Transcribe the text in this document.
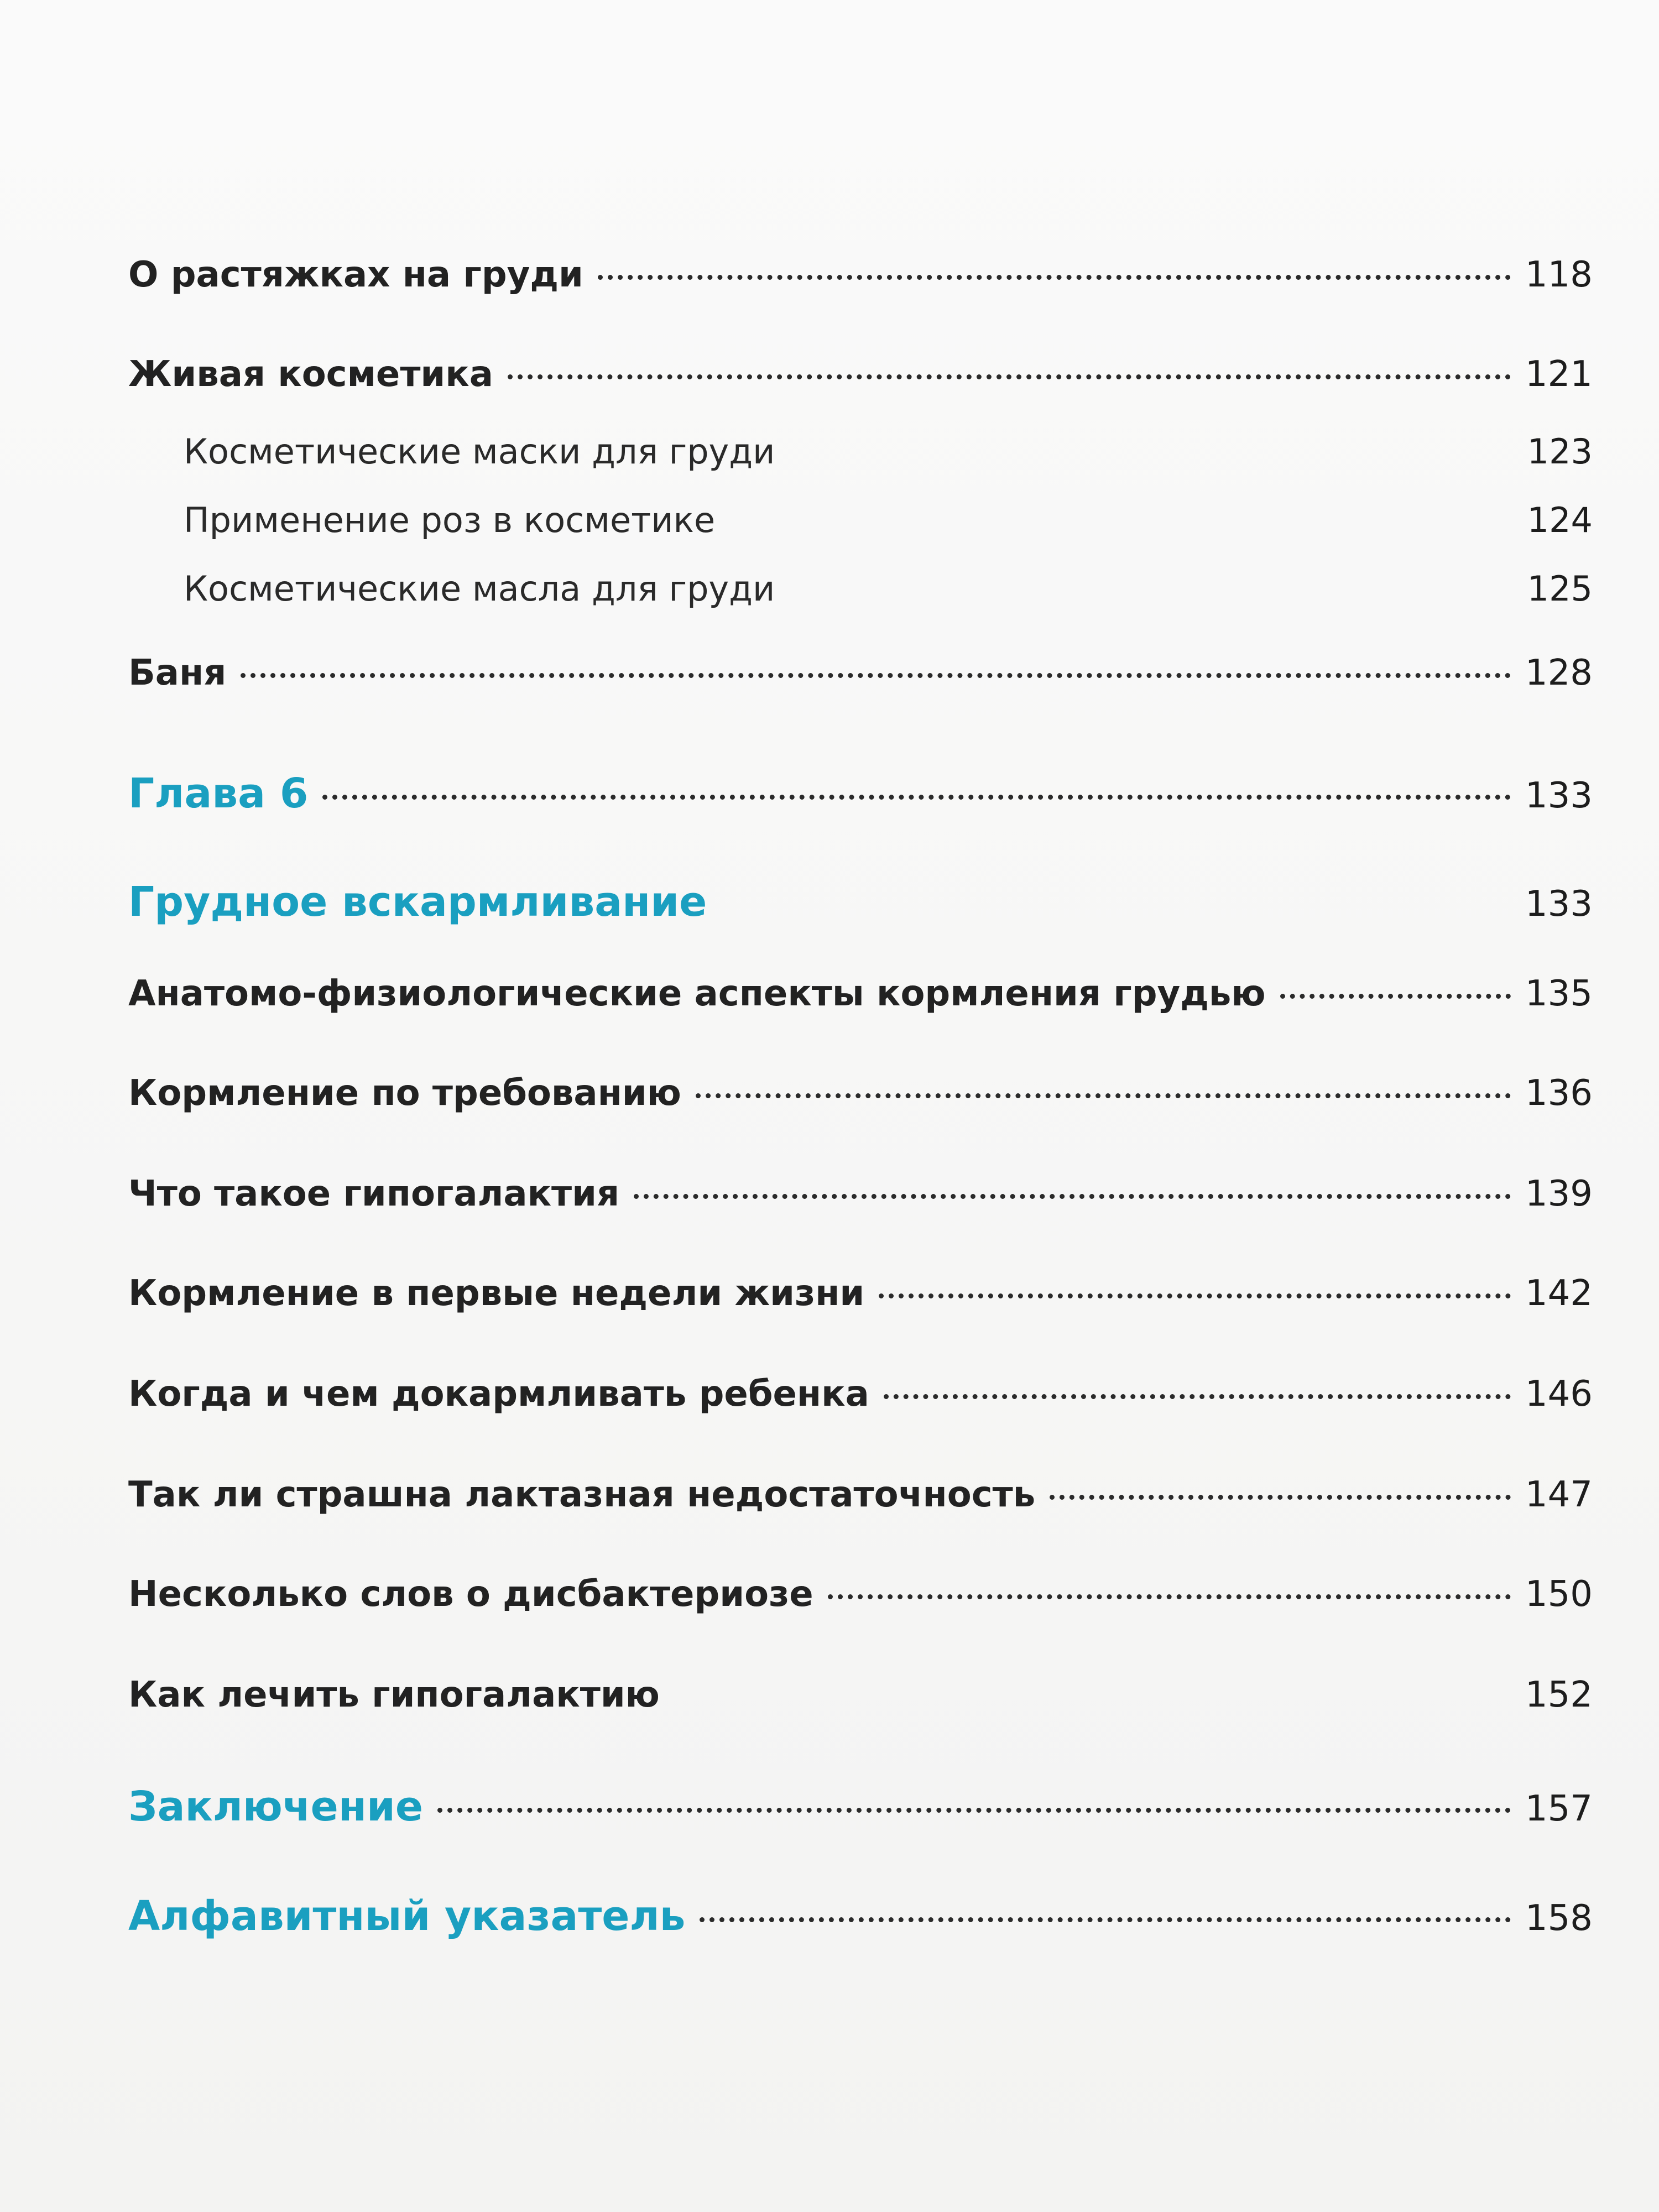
О растяжках на груди	118
Живая косметика	121
Косметические маски для груди	123
Применение роз в косметике	124
Косметические масла для груди	125
Баня	128
Глава 6	133
Грудное вскармливание	133
Анатомо-физиологические аспекты кормления грудью	135
Кормление по требованию	136
Что такое гипогалактия	139
Кормление в первые недели жизни	142
Когда и чем докармливать ребенка	146
Так ли страшна лактазная недостаточность	147
Несколько слов о дисбактериозе	150
Как лечить гипогалактию	152
Заключение	157
Алфавитный указатель	158
